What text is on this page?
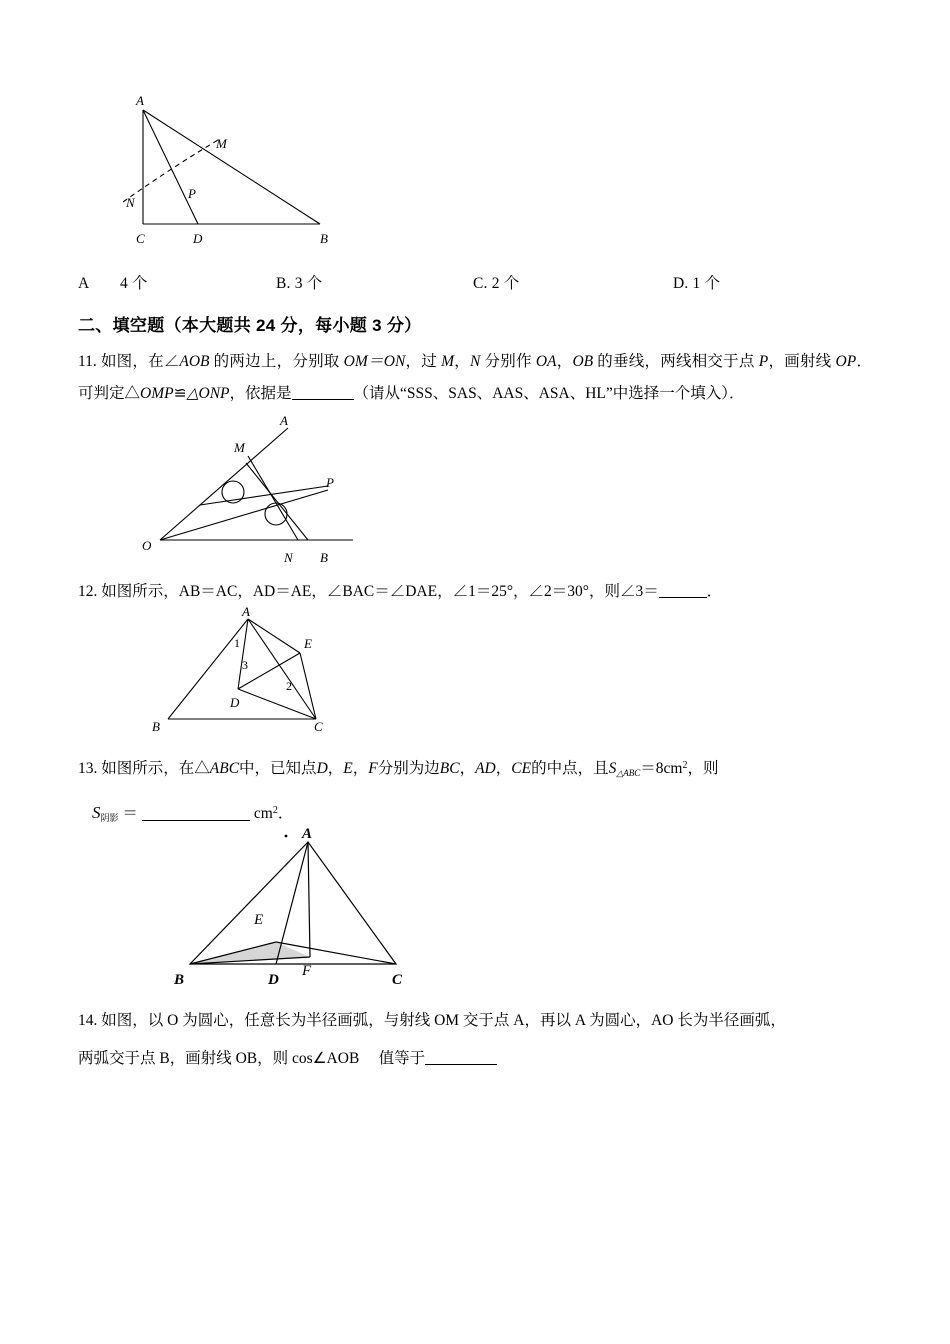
A
M
N
P
C	D	B
A　　4 个	B. 3 个	C. 2 个	D. 1 个
二、填空题（本大题共 24 分，每小题 3 分）
11. 如图，在∠AOB 的两边上，分别取 OM＝ON，过 M，N 分别作 OA，OB 的垂线，两线相交于点 P，画射线 OP．可判定△OMP≌△ONP，依据是	（请从“SSS、SAS、AAS、ASA、HL”中选择一个填入）．
A
M
P
O
N B
12. 如图所示，AB＝AC，AD＝AE，∠BAC＝∠DAE，∠1＝25°，∠2＝30°，则∠3＝	．
A
E
1
3
2
B
D
C
13. 如图所示，在△ABC中，已知点D，E，F分别为边BC，AD，CE的中点，且$S\triangle ABC=8cm^2$，则
S阴影 ＝	$cm^2$．
A
E
F
B	D	C
14. 如图，以 O 为圆心，任意长为半径画弧，与射线 OM 交于点 A，再以 A 为圆心，AO 长为半径画弧，
两弧交于点 B，画射线 OB，则 cos∠AOB 值等于
